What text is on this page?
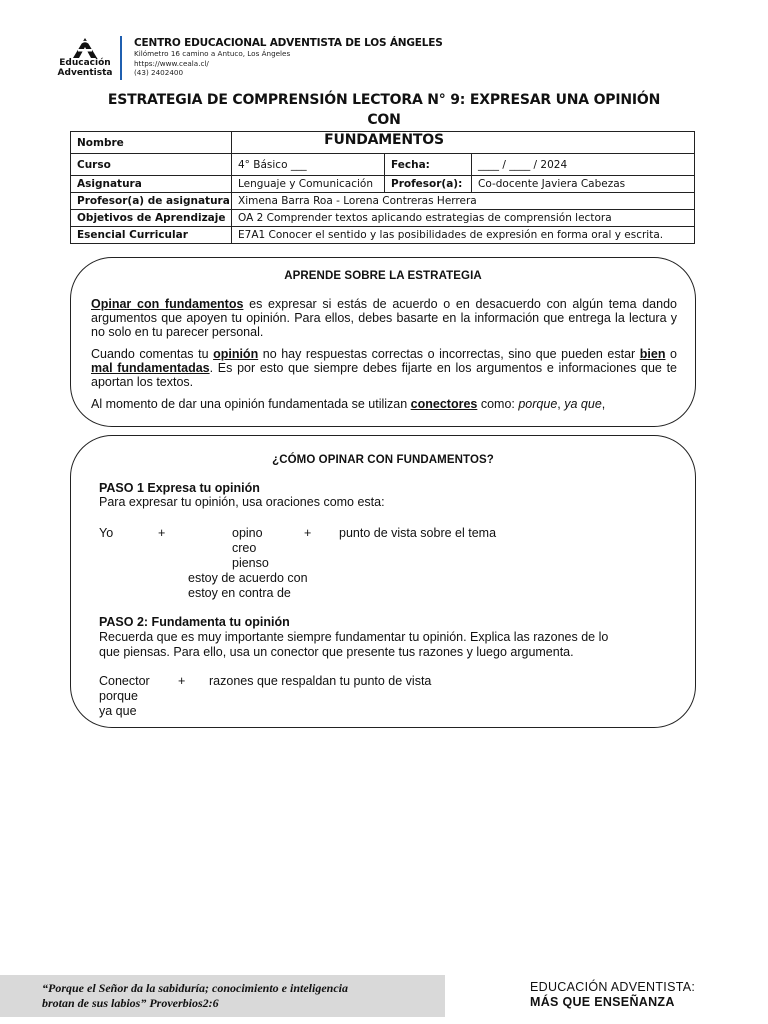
Educación
Adventista
CENTRO EDUCACIONAL ADVENTISTA DE LOS ÁNGELES
Kilómetro 16 camino a Antuco, Los Ángeles
https://www.ceala.cl/
(43) 2402400
ESTRATEGIA DE COMPRENSIÓN LECTORA N° 9: EXPRESAR UNA OPINIÓN CON
FUNDAMENTOS
Nombre			
Curso	4° Básico ___	Fecha:	____ / ____ / 2024
Asignatura	Lenguaje y Comunicación	Profesor(a):	Co-docente Javiera Cabezas
Profesor(a) de asignatura	Ximena Barra Roa - Lorena Contreras Herrera		
Objetivos de Aprendizaje	OA 2 Comprender textos aplicando estrategias de comprensión lectora		
Esencial Curricular	E7A1 Conocer el sentido y las posibilidades de expresión en forma oral y escrita.		
APRENDE SOBRE LA ESTRATEGIA
Opinar con fundamentos es expresar si estás de acuerdo o en desacuerdo con algún tema dando argumentos que apoyen tu opinión. Para ellos, debes basarte en la información que entrega la lectura y no solo en tu parecer personal.
Cuando comentas tu opinión no hay respuestas correctas o incorrectas, sino que pueden estar bien o mal fundamentadas. Es por esto que siempre debes fijarte en los argumentos e informaciones que te aportan los textos.
Al momento de dar una opinión fundamentada se utilizan conectores como: porque, ya que,
¿CÓMO OPINAR CON FUNDAMENTOS?
PASO 1 Expresa tu opinión
Para expresar tu opinión, usa oraciones como esta:
Yo	+	opino	+ punto de vista sobre el tema
creo
pienso
estoy de acuerdo con
estoy en contra de
PASO 2: Fundamenta tu opinión
Recuerda que es muy importante siempre fundamentar tu opinión. Explica las razones de lo
que piensas. Para ello, usa un conector que presente tus razones y luego argumenta.
Conector + razones que respaldan tu punto de vista
porque
ya que
“Porque el Señor da la sabiduría; conocimiento e inteligencia
brotan de sus labios” Proverbios2:6
EDUCACIÓN ADVENTISTA:
MÁS QUE ENSEÑANZA
